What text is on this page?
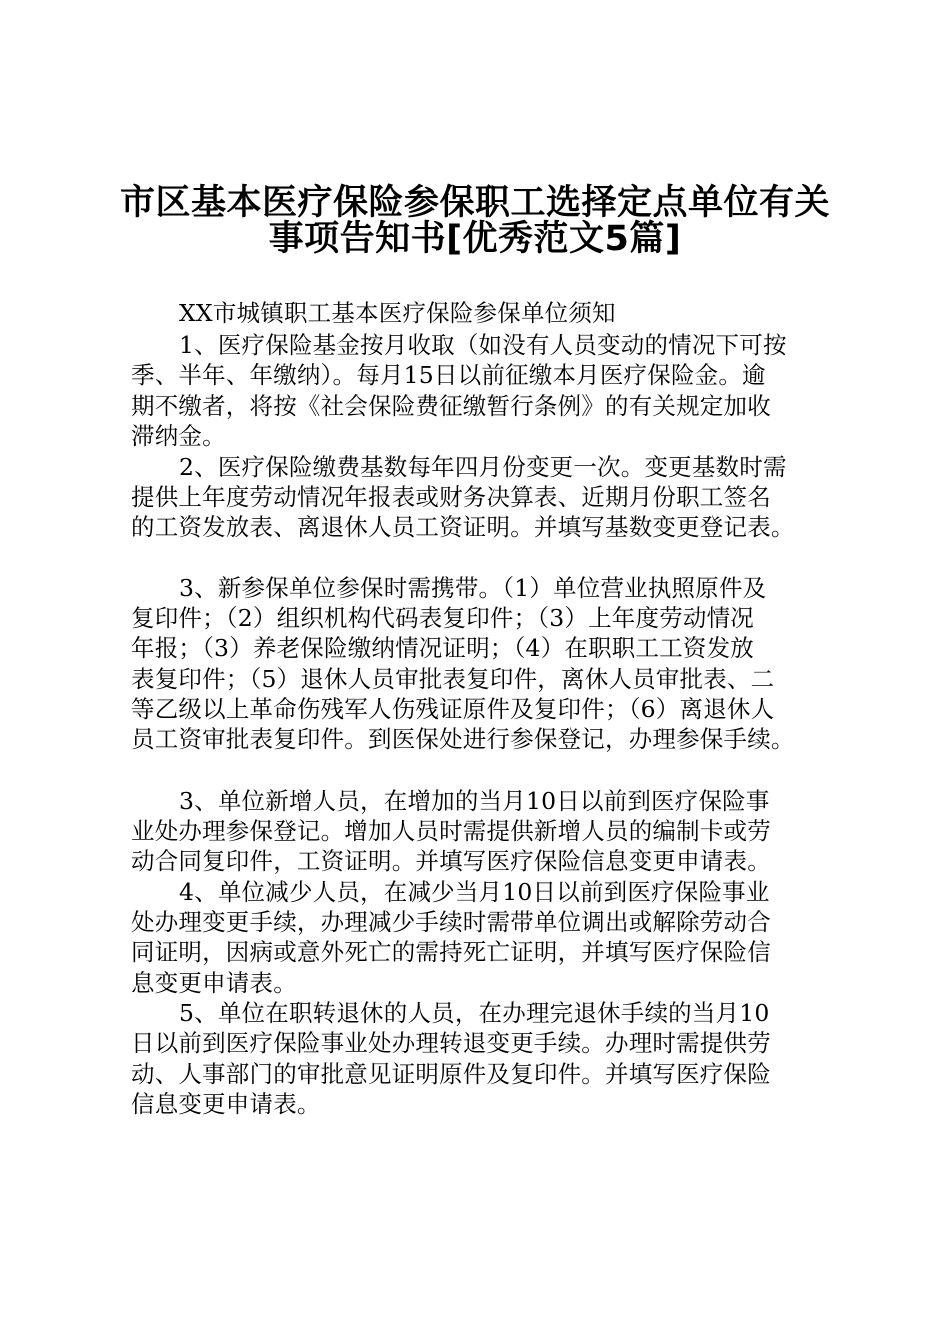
市区基本医疗保险参保职工选择定点单位有关
事项告知书[优秀范文5篇]
XX市城镇职工基本医疗保险参保单位须知
1、医疗保险基金按月收取（如没有人员变动的情况下可按
季、半年、年缴纳）。每月15日以前征缴本月医疗保险金。逾
期不缴者，将按《社会保险费征缴暂行条例》的有关规定加收
滞纳金。
2、医疗保险缴费基数每年四月份变更一次。变更基数时需
提供上年度劳动情况年报表或财务决算表、近期月份职工签名
的工资发放表、离退休人员工资证明。并填写基数变更登记表。
3、新参保单位参保时需携带。（1）单位营业执照原件及
复印件；（2）组织机构代码表复印件；（3）上年度劳动情况
年报；（3）养老保险缴纳情况证明；（4）在职职工工资发放
表复印件；（5）退休人员审批表复印件，离休人员审批表、二
等乙级以上革命伤残军人伤残证原件及复印件；（6）离退休人
员工资审批表复印件。到医保处进行参保登记，办理参保手续。
3、单位新增人员，在增加的当月10日以前到医疗保险事
业处办理参保登记。增加人员时需提供新增人员的编制卡或劳
动合同复印件，工资证明。并填写医疗保险信息变更申请表。
4、单位减少人员，在减少当月10日以前到医疗保险事业
处办理变更手续，办理减少手续时需带单位调出或解除劳动合
同证明，因病或意外死亡的需持死亡证明，并填写医疗保险信
息变更申请表。
5、单位在职转退休的人员，在办理完退休手续的当月10
日以前到医疗保险事业处办理转退变更手续。办理时需提供劳
动、人事部门的审批意见证明原件及复印件。并填写医疗保险
信息变更申请表。
